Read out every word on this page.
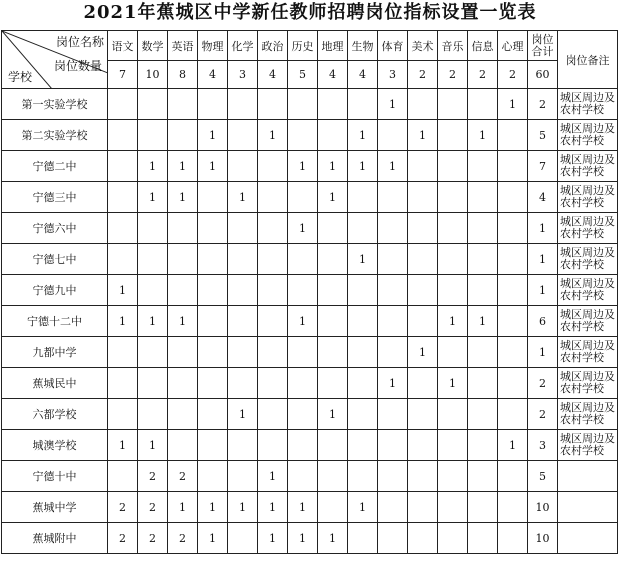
2021年蕉城区中学新任教师招聘岗位指标设置一览表
岗位名称
岗位数量
学校	语文	数学	英语	物理	化学	政治	历史	地理	生物	体育	美术	音乐	信息	心理	岗位合计	岗位备注
	7	10	8	4	3	4	5	4	4	3	2	2	2	2	60	
第一实验学校										1				1	2	城区周边及农村学校
第二实验学校				1		1			1		1		1		5	城区周边及农村学校
宁德二中		1	1	1			1	1	1	1					7	城区周边及农村学校
宁德三中		1	1		1			1							4	城区周边及农村学校
宁德六中							1								1	城区周边及农村学校
宁德七中									1						1	城区周边及农村学校
宁德九中	1														1	城区周边及农村学校
宁德十二中	1	1	1				1					1	1		6	城区周边及农村学校
九都中学											1				1	城区周边及农村学校
蕉城民中										1		1			2	城区周边及农村学校
六都学校					1			1							2	城区周边及农村学校
城澳学校	1	1												1	3	城区周边及农村学校
宁德十中		2	2			1									5	
蕉城中学	2	2	1	1	1	1	1		1						10	
蕉城附中	2	2	2	1		1	1	1							10	
